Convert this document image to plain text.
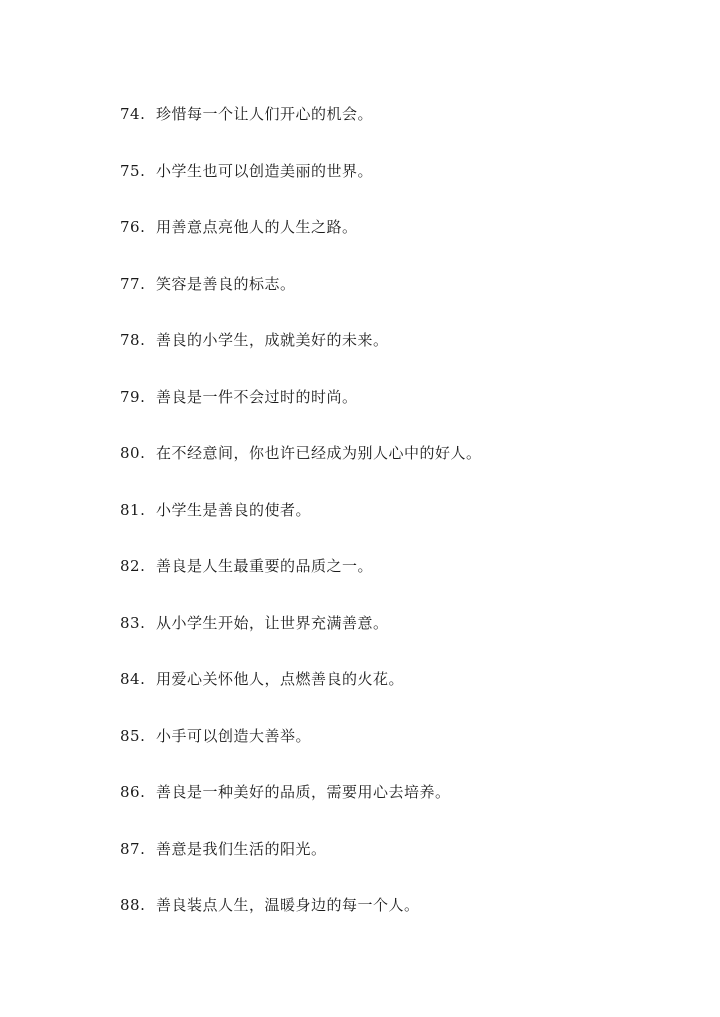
74. 珍惜每一个让人们开心的机会。
75. 小学生也可以创造美丽的世界。
76. 用善意点亮他人的人生之路。
77. 笑容是善良的标志。
78. 善良的小学生，成就美好的未来。
79. 善良是一件不会过时的时尚。
80. 在不经意间，你也许已经成为别人心中的好人。
81. 小学生是善良的使者。
82. 善良是人生最重要的品质之一。
83. 从小学生开始，让世界充满善意。
84. 用爱心关怀他人，点燃善良的火花。
85. 小手可以创造大善举。
86. 善良是一种美好的品质，需要用心去培养。
87. 善意是我们生活的阳光。
88. 善良装点人生，温暖身边的每一个人。
